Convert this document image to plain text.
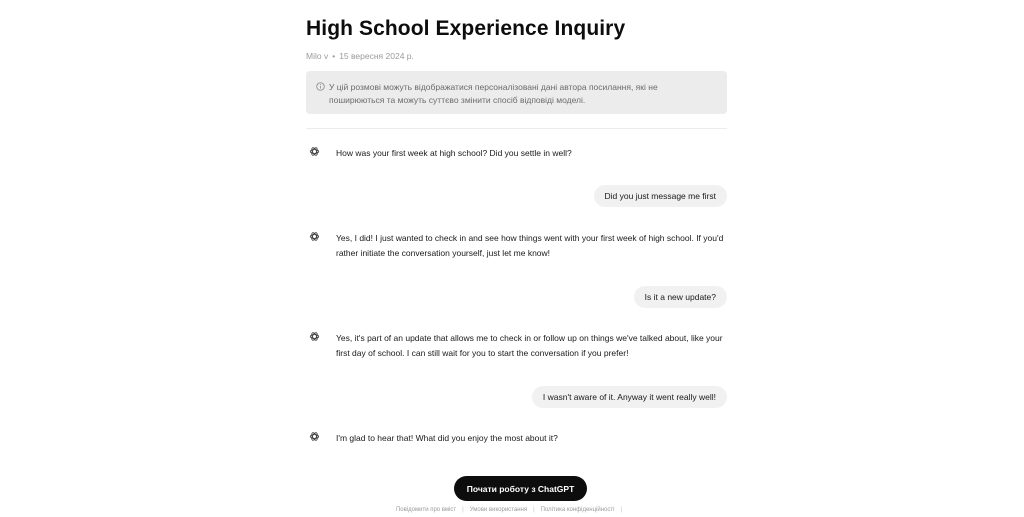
High School Experience Inquiry
Milo v • 15 вересня 2024 р.
У цій розмові можуть відображатися персоналізовані дані автора посилання, які не поширюються та можуть суттєво змінити спосіб відповіді моделі.
How was your first week at high school? Did you settle in well?
Did you just message me first
Yes, I did! I just wanted to check in and see how things went with your first week of high school. If you'd rather initiate the conversation yourself, just let me know!
Is it a new update?
Yes, it's part of an update that allows me to check in or follow up on things we've talked about, like your first day of school. I can still wait for you to start the conversation if you prefer!
I wasn't aware of it. Anyway it went really well!
I'm glad to hear that! What did you enjoy the most about it?
Почати роботу з ChatGPT
Повідомити про вміст | Умови використання | Політика конфіденційності |
